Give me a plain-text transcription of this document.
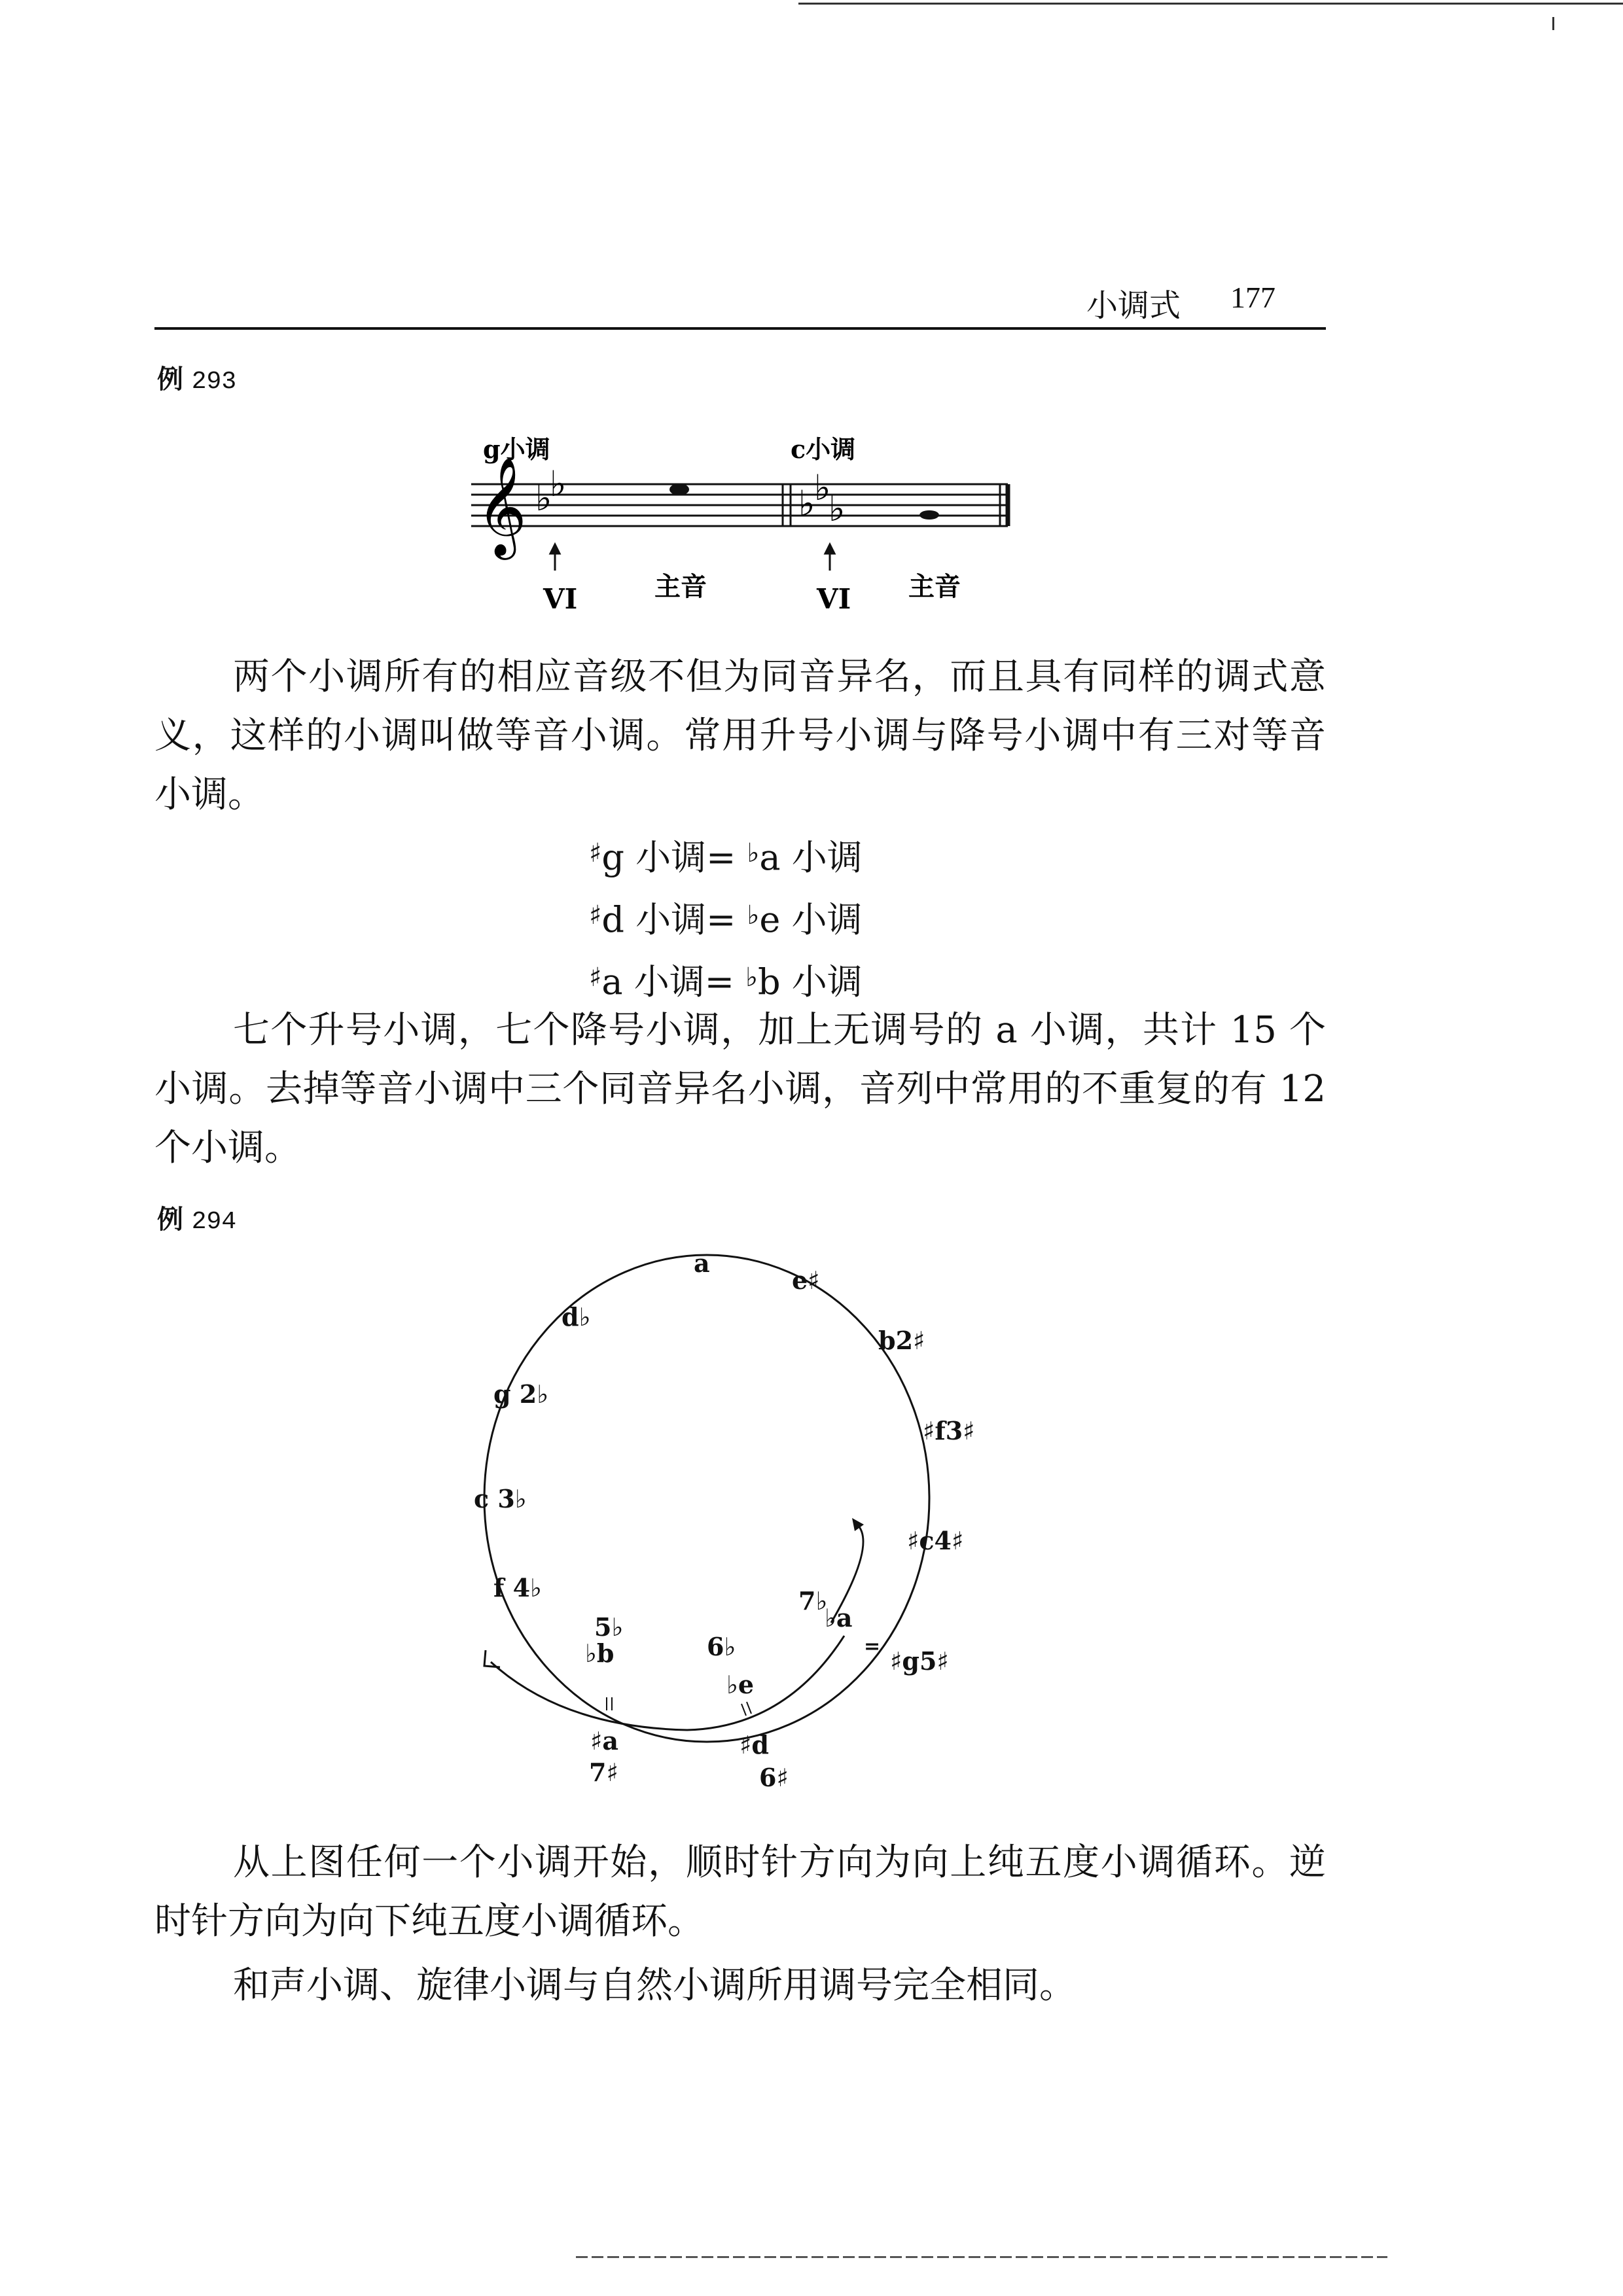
小调式 177
例 293
g小调	c小调
𝄞 ♭
♭	♭
♭
♭
VI	主音	VI 主音

两个小调所有的相应音级不但为同音异名，而且具有同样的调式意义，这样的小调叫做等音小调。常用升号小调与降号小调中有三对等音小调。

♯g 小调= ♭a 小调
♯d 小调= ♭e 小调
♯a 小调= ♭b 小调

七个升号小调，七个降号小调，加上无调号的 a 小调，共计 15 个小调。去掉等音小调中三个同音异名小调，音列中常用的不重复的有 12 个小调。

例 294
a
e♯
b2♯
♯f3♯
♯c4♯
♯g5♯
♯d
6♯
♯a
7♯
d♭
g 2♭
c 3♭
f 4♭
♭b
5♭
♭e
6♭
♭a
7♭
=

从上图任何一个小调开始，顺时针方向为向上纯五度小调循环。逆时针方向为向下纯五度小调循环。

和声小调、旋律小调与自然小调所用调号完全相同。
